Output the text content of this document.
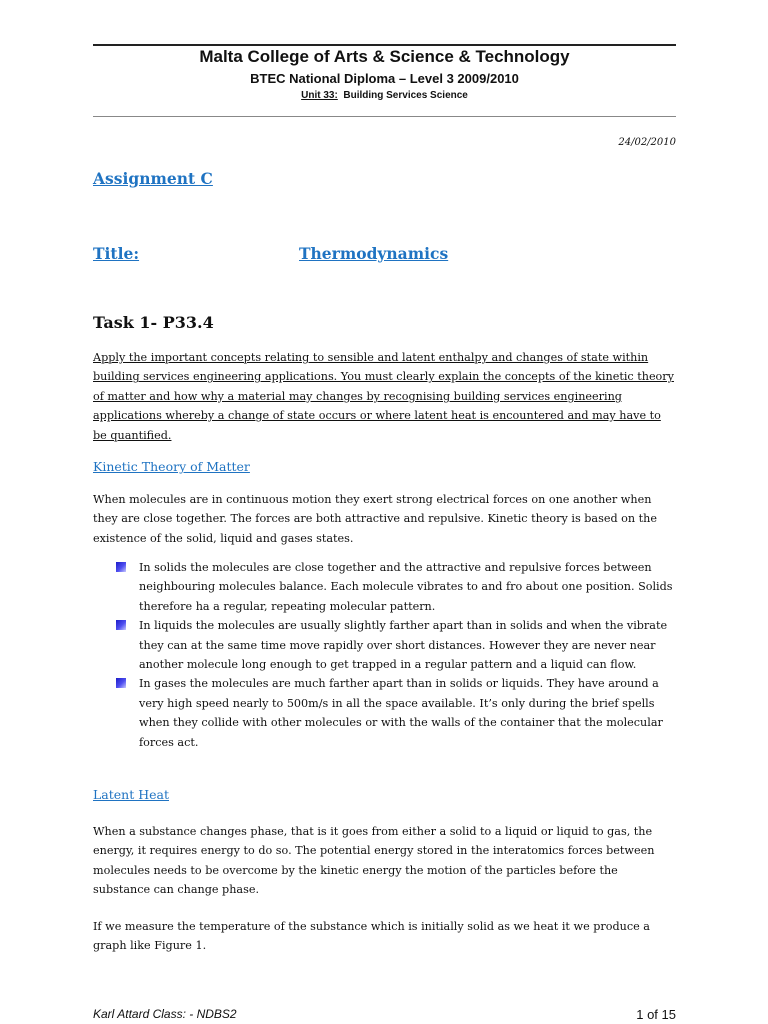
Malta College of Arts & Science & Technology
BTEC National Diploma – Level 3 2009/2010
Unit 33: Building Services Science
24/02/2010
Assignment C
Title:	Thermodynamics
Task 1- P33.4
Apply the important concepts relating to sensible and latent enthalpy and changes of state within building services engineering applications. You must clearly explain the concepts of the kinetic theory of matter and how why a material may changes by recognising building services engineering applications whereby a change of state occurs or where latent heat is encountered and may have to be quantified.
Kinetic Theory of Matter
When molecules are in continuous motion they exert strong electrical forces on one another when they are close together. The forces are both attractive and repulsive. Kinetic theory is based on the existence of the solid, liquid and gases states.
In solids the molecules are close together and the attractive and repulsive forces between neighbouring molecules balance. Each molecule vibrates to and fro about one position. Solids therefore ha a regular, repeating molecular pattern.
In liquids the molecules are usually slightly farther apart than in solids and when the vibrate they can at the same time move rapidly over short distances. However they are never near another molecule long enough to get trapped in a regular pattern and a liquid can flow.
In gases the molecules are much farther apart than in solids or liquids. They have around a very high speed nearly to 500m/s in all the space available. It’s only during the brief spells when they collide with other molecules or with the walls of the container that the molecular forces act.
Latent Heat
When a substance changes phase, that is it goes from either a solid to a liquid or liquid to gas, the energy, it requires energy to do so. The potential energy stored in the interatomics forces between molecules needs to be overcome by the kinetic energy the motion of the particles before the substance can change phase.
If we measure the temperature of the substance which is initially solid as we heat it we produce a graph like Figure 1.
Karl Attard Class: - NDBS2	1 of 15
